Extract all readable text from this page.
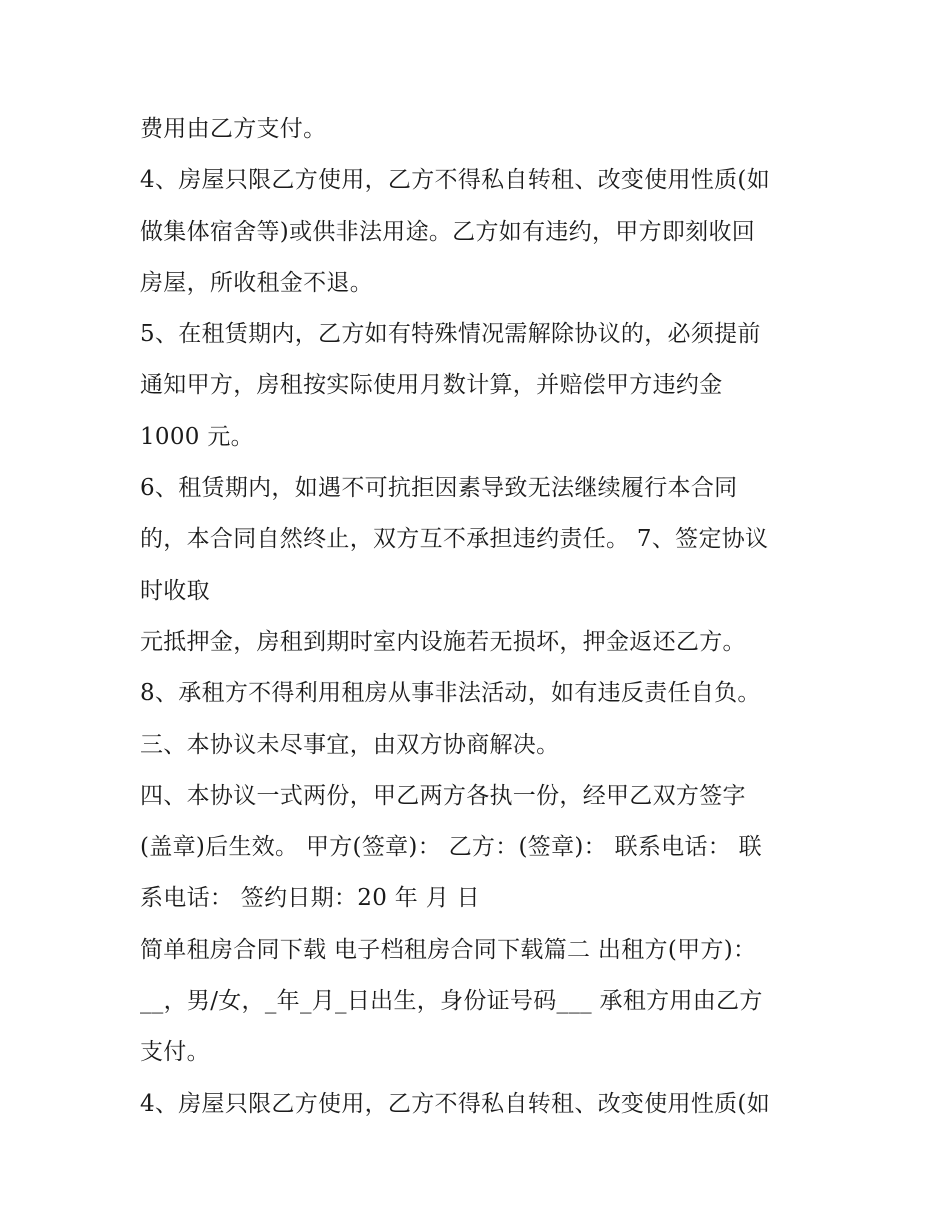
费用由乙方支付。
4、房屋只限乙方使用，乙方不得私自转租、改变使用性质(如
做集体宿舍等)或供非法用途。乙方如有违约，甲方即刻收回
房屋，所收租金不退。
5、在租赁期内，乙方如有特殊情况需解除协议的，必须提前
通知甲方，房租按实际使用月数计算，并赔偿甲方违约金
1000 元。
6、租赁期内，如遇不可抗拒因素导致无法继续履行本合同
的，本合同自然终止，双方互不承担违约责任。 7、签定协议
时收取
元抵押金，房租到期时室内设施若无损坏，押金返还乙方。
8、承租方不得利用租房从事非法活动，如有违反责任自负。
三、本协议未尽事宜，由双方协商解决。
四、本协议一式两份，甲乙两方各执一份，经甲乙双方签字
(盖章)后生效。 甲方(签章)： 乙方：(签章)： 联系电话： 联
系电话： 签约日期：20 年 月 日
简单租房合同下载 电子档租房合同下载篇二 出租方(甲方)：
__，男/女，_年_月_日出生，身份证号码___ 承租方用由乙方
支付。
4、房屋只限乙方使用，乙方不得私自转租、改变使用性质(如
